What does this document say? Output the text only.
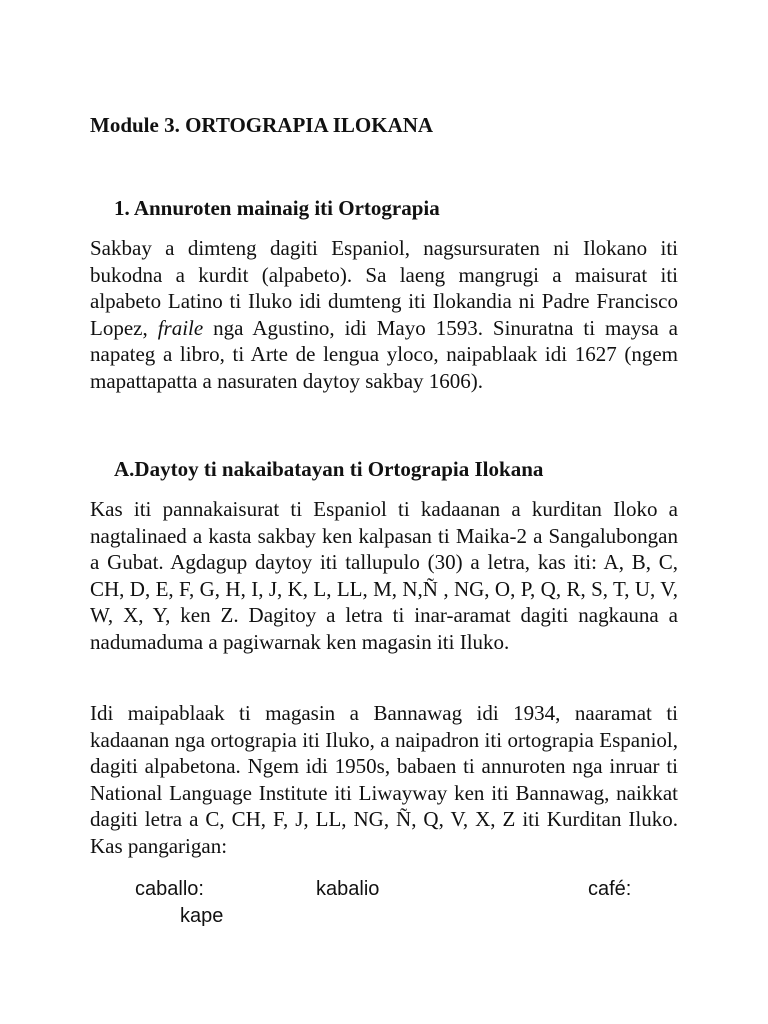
Module 3. ORTOGRAPIA ILOKANA
1. Annuroten mainaig iti Ortograpia

Sakbay a dimteng dagiti Espaniol, nagsursuraten ni Ilokano iti bukodna a kurdit (alpabeto). Sa laeng mangrugi a maisurat iti alpabeto Latino ti Iluko idi dumteng iti Ilokandia ni Padre Francisco Lopez, fraile nga Agustino, idi Mayo 1593. Sinuratna ti maysa a napateg a libro, ti Arte de lengua yloco, naipablaak idi 1627 (ngem mapattapatta a nasuraten daytoy sakbay 1606).

A.Daytoy ti nakaibatayan ti Ortograpia Ilokana

Kas iti pannakaisurat ti Espaniol ti kadaanan a kurditan Iloko a nagtalinaed a kasta sakbay ken kalpasan ti Maika-2 a Sangalubongan a Gubat. Agdagup daytoy iti tallupulo (30) a letra, kas iti: A, B, C, CH, D, E, F, G, H, I, J, K, L, LL, M, N,Ñ , NG, O, P, Q, R, S, T, U, V, W, X, Y, ken Z. Dagitoy a letra ti inar-aramat dagiti nagkauna a nadumaduma a pagiwarnak ken magasin iti Iluko.

Idi maipablaak ti magasin a Bannawag idi 1934, naaramat ti kadaanan nga ortograpia iti Iluko, a naipadron iti ortograpia Espaniol, dagiti alpabetona. Ngem idi 1950s, babaen ti annuroten nga inruar ti National Language Institute iti Liwayway ken iti Bannawag, naikkat dagiti letra a C, CH, F, J, LL, NG, Ñ, Q, V, X, Z iti Kurditan Iluko. Kas pangarigan:

caballo:	kabalio	café:
kape
